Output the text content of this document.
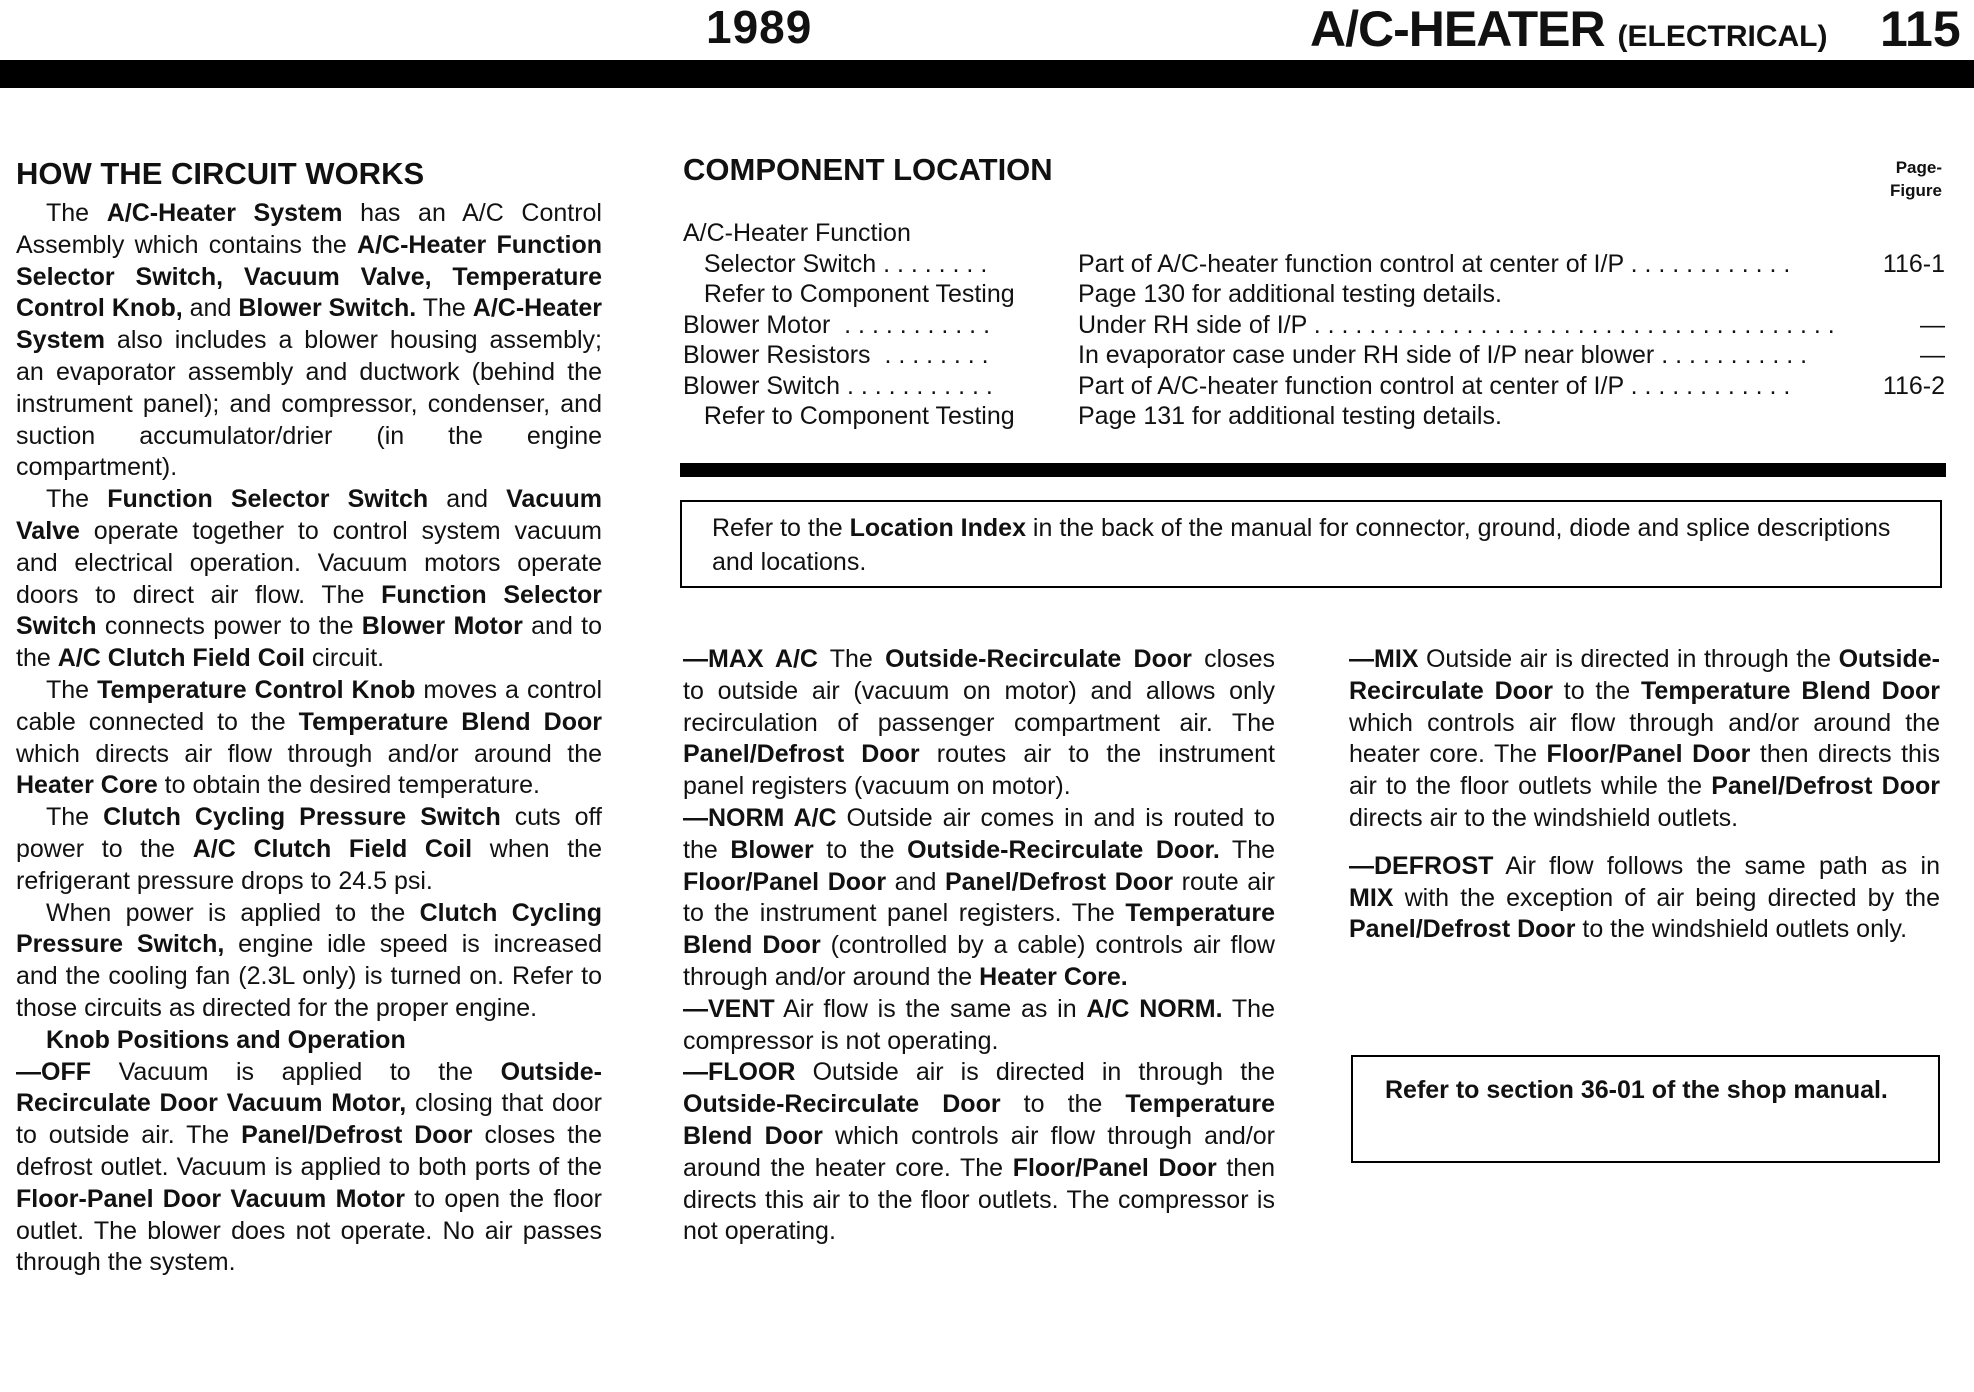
1989	A/C-HEATER (ELECTRICAL) 115
HOW THE CIRCUIT WORKS

The A/C-Heater System has an A/C Control Assembly which contains the A/C-Heater Function Selector Switch, Vacuum Valve, Temperature Control Knob, and Blower Switch. The A/C-Heater System also includes a blower housing assembly; an evaporator assembly and ductwork (behind the instrument panel); and compressor, condenser, and suction accumulator/drier (in the engine compartment).

The Function Selector Switch and Vacuum Valve operate together to control system vacuum and electrical operation. Vacuum motors operate doors to direct air flow. The Function Selector Switch connects power to the Blower Motor and to the A/C Clutch Field Coil circuit.

The Temperature Control Knob moves a control cable connected to the Temperature Blend Door which directs air flow through and/or around the Heater Core to obtain the desired temperature.

The Clutch Cycling Pressure Switch cuts off power to the A/C Clutch Field Coil when the refrigerant pressure drops to 24.5 psi.

When power is applied to the Clutch Cycling Pressure Switch, engine idle speed is increased and the cooling fan (2.3L only) is turned on. Refer to those circuits as directed for the proper engine.

Knob Positions and Operation

—OFF Vacuum is applied to the Outside-Recirculate Door Vacuum Motor, closing that door to outside air. The Panel/Defrost Door closes the defrost outlet. Vacuum is applied to both ports of the Floor-Panel Door Vacuum Motor to open the floor outlet. The blower does not operate. No air passes through the system.

COMPONENT LOCATION	Page-
Figure
A/C-Heater Function
Selector Switch . . . . . . . .	Part of A/C-heater function control at center of I/P . . . . . . . . . . . .	116-1
Refer to Component Testing	Page 130 for additional testing details.
Blower Motor  . . . . . . . . . . .	Under RH side of I/P . . . . . . . . . . . . . . . . . . . . . . . . . . . . . . . . . . . . . .	—
Blower Resistors  . . . . . . . .	In evaporator case under RH side of I/P near blower . . . . . . . . . . .	—
Blower Switch . . . . . . . . . . .	Part of A/C-heater function control at center of I/P . . . . . . . . . . . .	116-2
Refer to Component Testing	Page 131 for additional testing details.
Refer to the Location Index in the back of the manual for connector, ground, diode and splice descriptions and locations.

—MAX A/C The Outside-Recirculate Door closes to outside air (vacuum on motor) and allows only recirculation of passenger compartment air. The Panel/Defrost Door routes air to the instrument panel registers (vacuum on motor).

—NORM A/C Outside air comes in and is routed to the Blower to the Outside-Recirculate Door. The Floor/Panel Door and Panel/Defrost Door route air to the instrument panel registers. The Temperature Blend Door (controlled by a cable) controls air flow through and/or around the Heater Core.

—VENT Air flow is the same as in A/C NORM. The compressor is not operating.

—FLOOR Outside air is directed in through the Outside-Recirculate Door to the Temperature Blend Door which controls air flow through and/or around the heater core. The Floor/Panel Door then directs this air to the floor outlets. The compressor is not operating.

—MIX Outside air is directed in through the Outside-Recirculate Door to the Temperature Blend Door which controls air flow through and/or around the heater core. The Floor/Panel Door then directs this air to the floor outlets while the Panel/Defrost Door directs air to the windshield outlets.

—DEFROST Air flow follows the same path as in MIX with the exception of air being directed by the Panel/Defrost Door to the windshield outlets only.

Refer to section 36-01 of the shop manual.
